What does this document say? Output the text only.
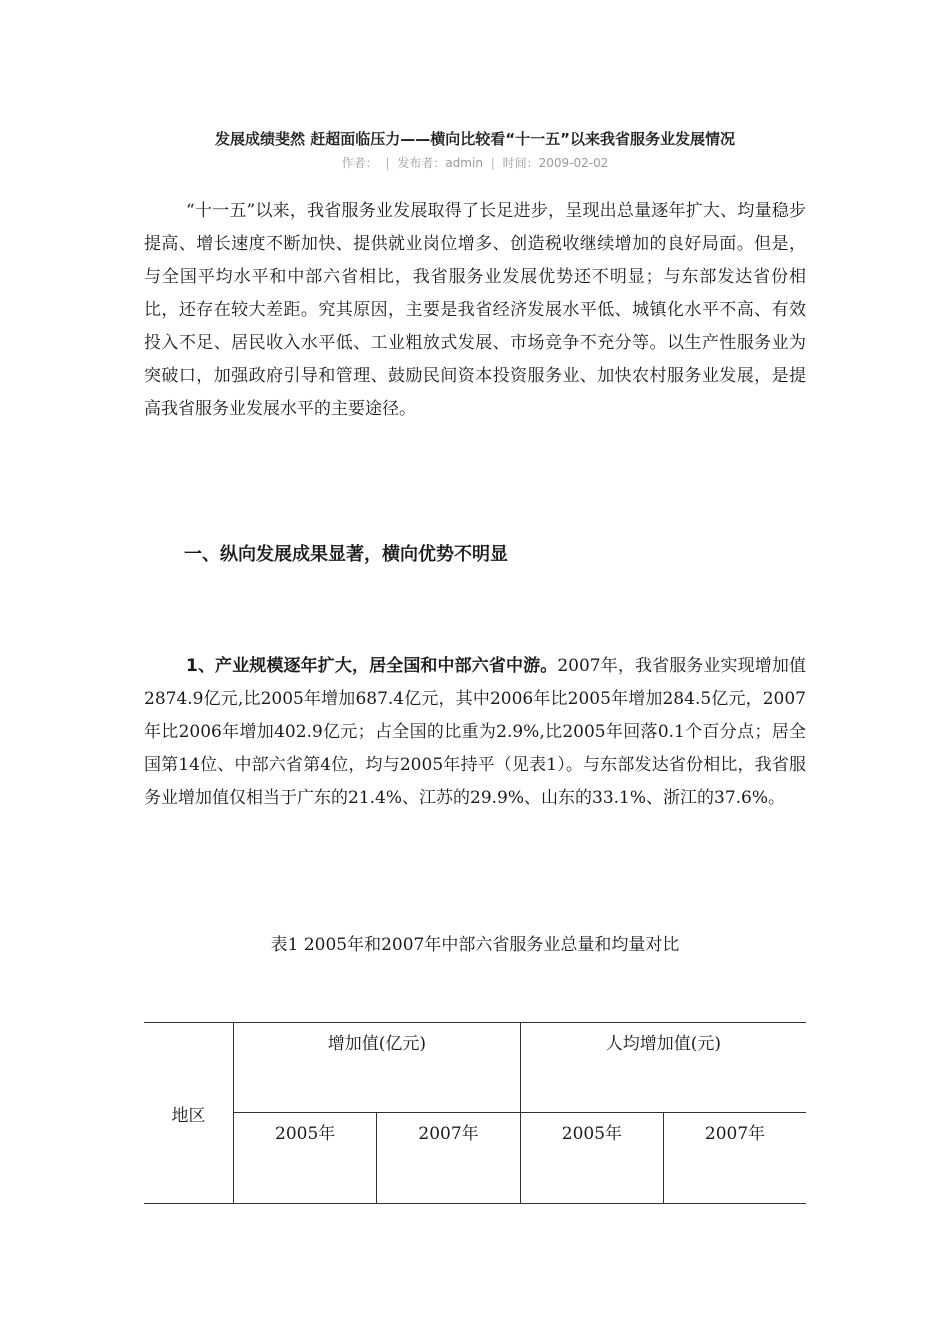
发展成绩斐然 赶超面临压力——横向比较看“十一五”以来我省服务业发展情况
作者： | 发布者：admin | 时间：2009-02-02

“十一五”以来，我省服务业发展取得了长足进步，呈现出总量逐年扩大、均量稳步提高、增长速度不断加快、提供就业岗位增多、创造税收继续增加的良好局面。但是，与全国平均水平和中部六省相比，我省服务业发展优势还不明显；与东部发达省份相比，还存在较大差距。究其原因，主要是我省经济发展水平低、城镇化水平不高、有效投入不足、居民收入水平低、工业粗放式发展、市场竞争不充分等。以生产性服务业为突破口，加强政府引导和管理、鼓励民间资本投资服务业、加快农村服务业发展，是提高我省服务业发展水平的主要途径。

一、纵向发展成果显著，横向优势不明显

1、产业规模逐年扩大，居全国和中部六省中游。2007年，我省服务业实现增加值2874.9亿元,比2005年增加687.4亿元，其中2006年比2005年增加284.5亿元，2007年比2006年增加402.9亿元；占全国的比重为2.9%,比2005年回落0.1个百分点；居全国第14位、中部六省第4位，均与2005年持平（见表1）。与东部发达省份相比，我省服务业增加值仅相当于广东的21.4%、江苏的29.9%、山东的33.1%、浙江的37.6%。

表1 2005年和2007年中部六省服务业总量和均量对比
地区	增加值(亿元)		人均增加值(元)	
	2005年	2007年	2005年	2007年
